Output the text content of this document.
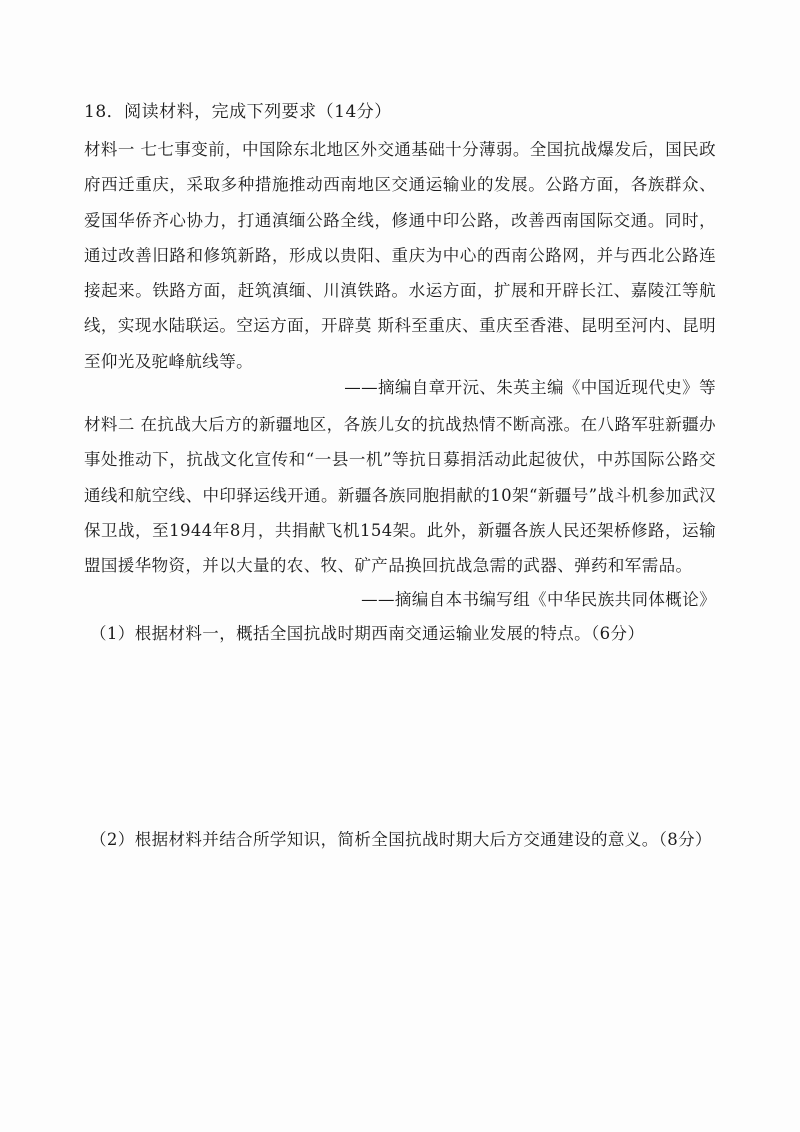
18．阅读材料，完成下列要求（14分）

材料一 七七事变前，中国除东北地区外交通基础十分薄弱。全国抗战爆发后，国民政府西迁重庆，采取多种措施推动西南地区交通运输业的发展。公路方面，各族群众、爱国华侨齐心协力，打通滇缅公路全线，修通中印公路，改善西南国际交通。同时，通过改善旧路和修筑新路，形成以贵阳、重庆为中心的西南公路网，并与西北公路连接起来。铁路方面，赶筑滇缅、川滇铁路。水运方面，扩展和开辟长江、嘉陵江等航线，实现水陆联运。空运方面，开辟莫 斯科至重庆、重庆至香港、昆明至河内、昆明至仰光及驼峰航线等。

——摘编自章开沅、朱英主编《中国近现代史》等

材料二 在抗战大后方的新疆地区，各族儿女的抗战热情不断高涨。在八路军驻新疆办事处推动下，抗战文化宣传和“一县一机”等抗日募捐活动此起彼伏，中苏国际公路交通线和航空线、中印驿运线开通。新疆各族同胞捐献的10架“新疆号”战斗机参加武汉保卫战，至1944年8月，共捐献飞机154架。此外，新疆各族人民还架桥修路，运输盟国援华物资，并以大量的农、牧、矿产品换回抗战急需的武器、弹药和军需品。

——摘编自本书编写组《中华民族共同体概论》
（1）根据材料一，概括全国抗战时期西南交通运输业发展的特点。（6分）
（2）根据材料并结合所学知识，简析全国抗战时期大后方交通建设的意义。（8分）
